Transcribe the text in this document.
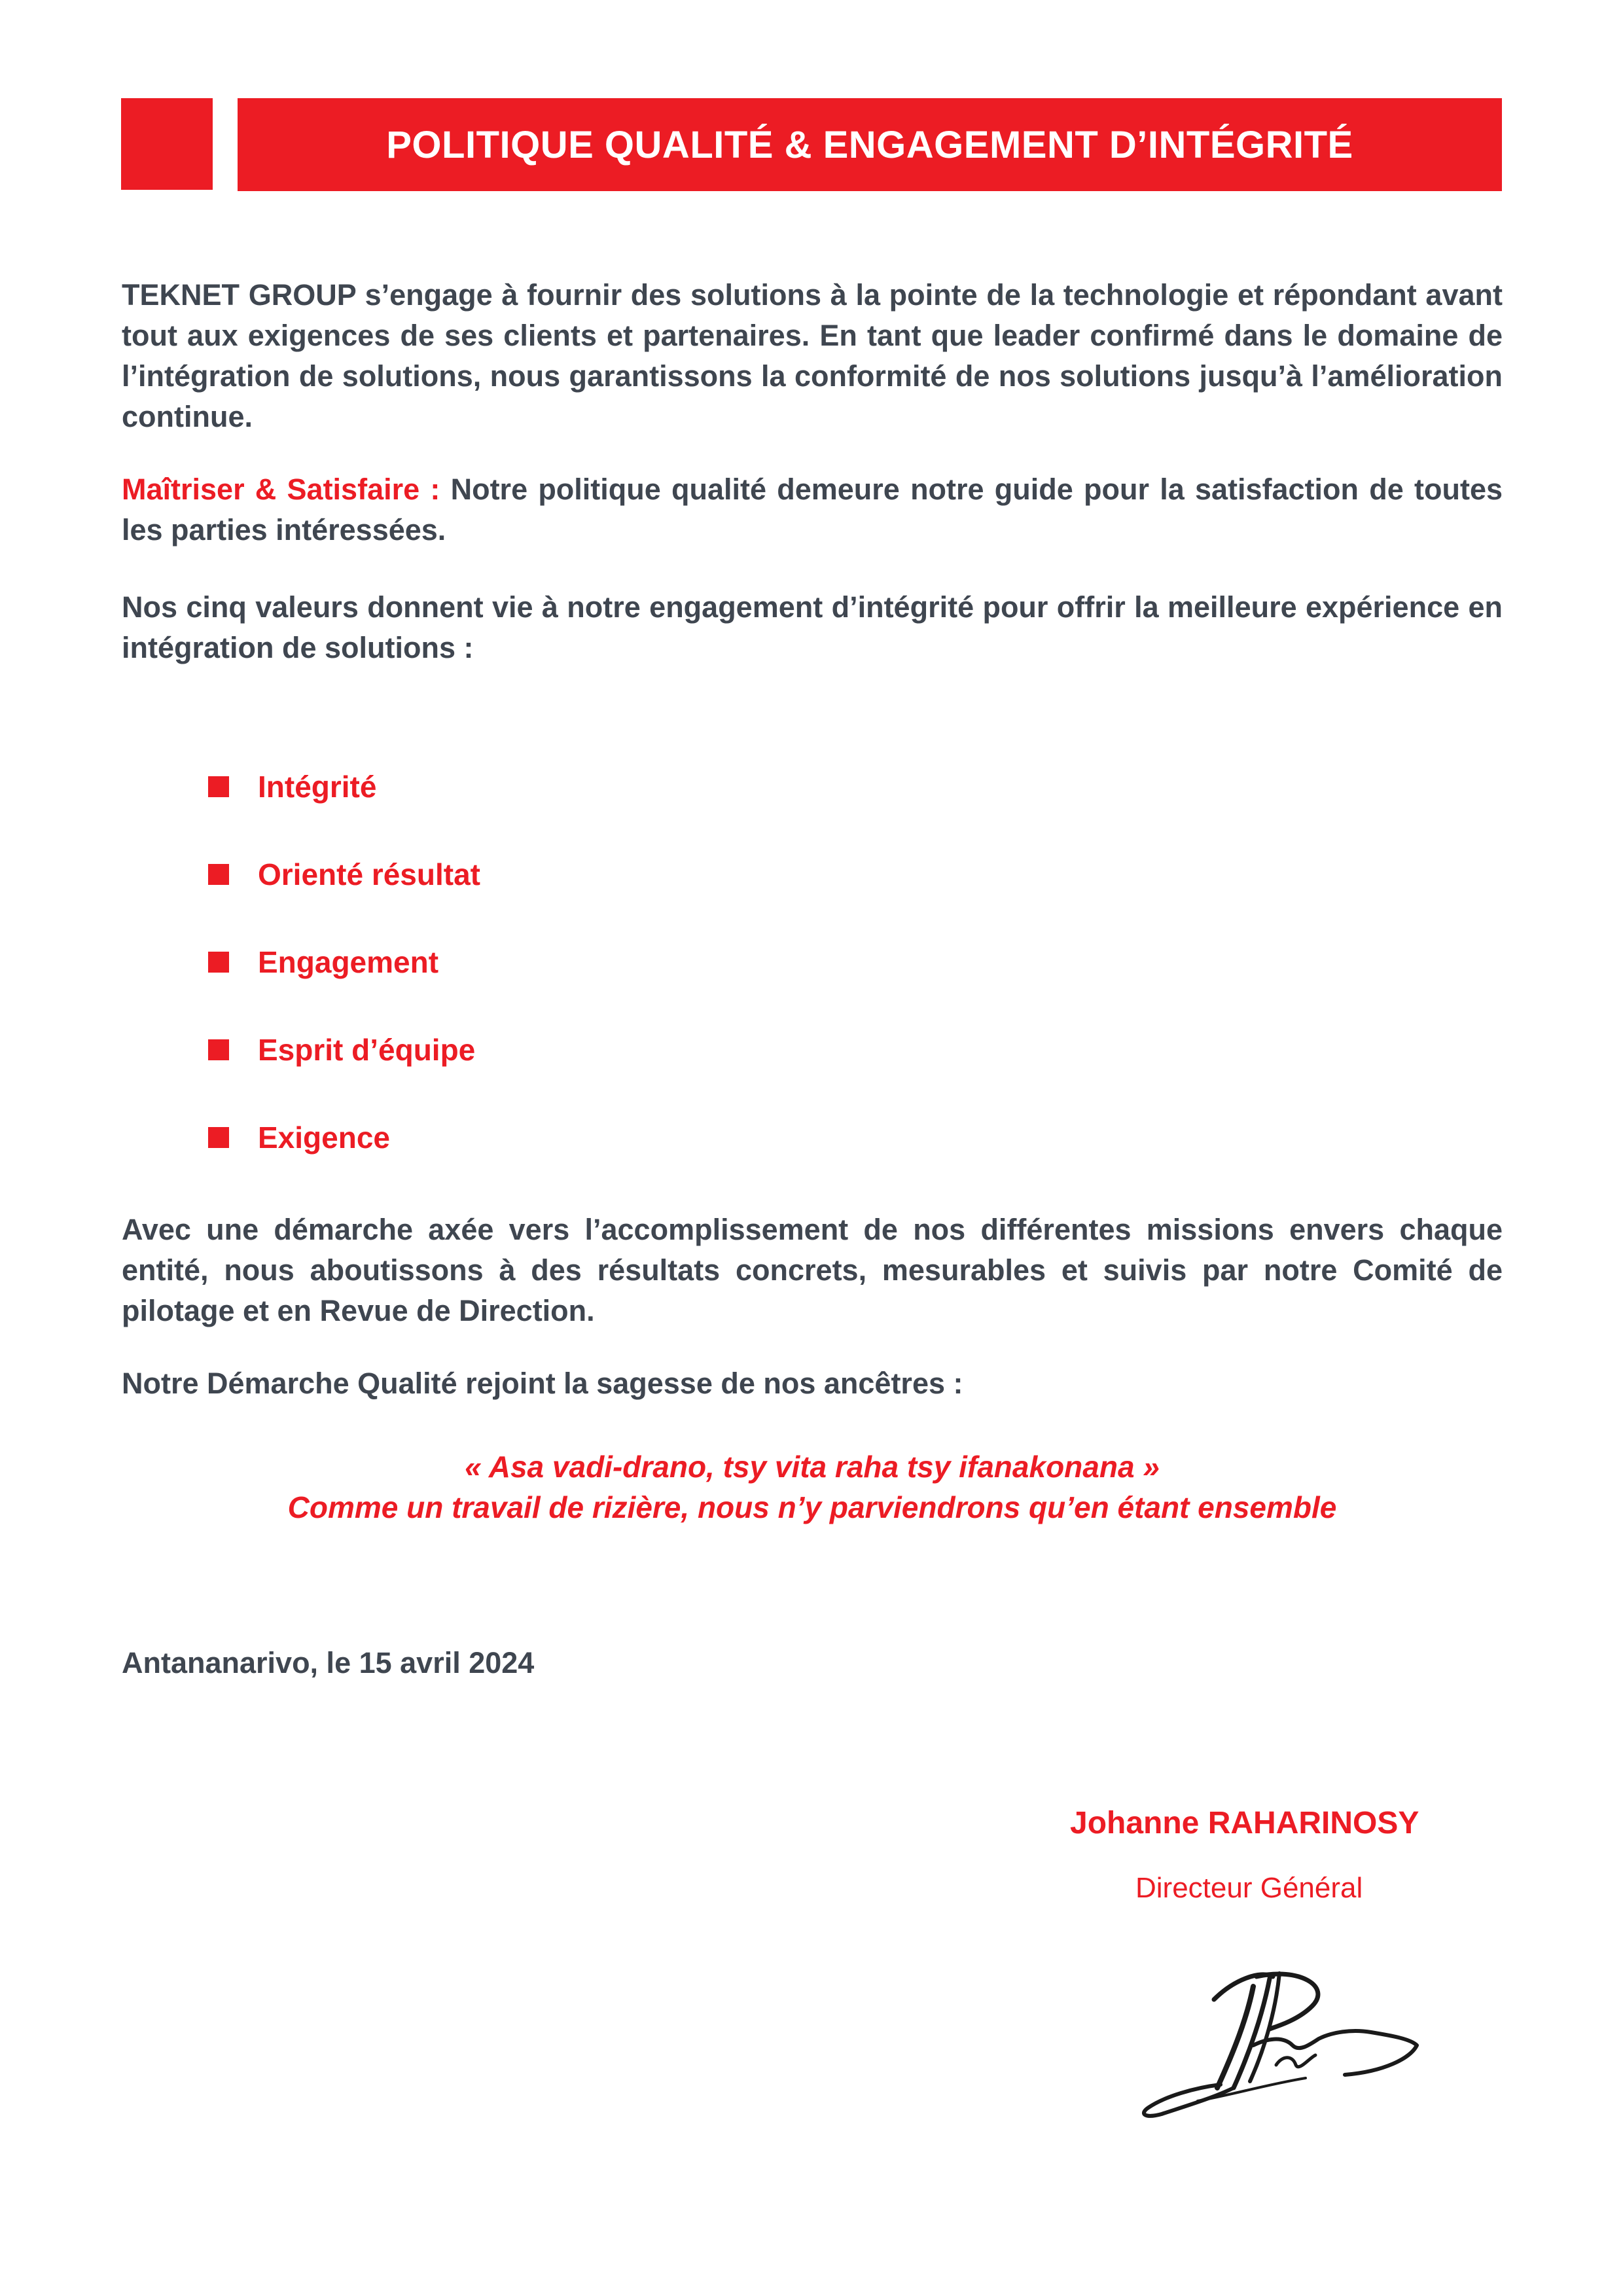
POLITIQUE QUALITÉ & ENGAGEMENT D’INTÉGRITÉ

TEKNET GROUP s’engage à fournir des solutions à la pointe de la technologie et répondant avant tout aux exigences de ses clients et partenaires. En tant que leader confirmé dans le domaine de l’intégration de solutions, nous garantissons la conformité de nos solutions jusqu’à l’amélioration continue.

Maîtriser & Satisfaire : Notre politique qualité demeure notre guide pour la satisfaction de toutes les parties intéressées.

Nos cinq valeurs donnent vie à notre engagement d’intégrité pour offrir la meilleure expérience en intégration de solutions :

Intégrité
Orienté résultat
Engagement
Esprit d’équipe
Exigence

Avec une démarche axée vers l’accomplissement de nos différentes missions envers chaque entité, nous aboutissons à des résultats concrets, mesurables et suivis par notre Comité de pilotage et en Revue de Direction.

Notre Démarche Qualité rejoint la sagesse de nos ancêtres :

« Asa vadi-drano, tsy vita raha tsy ifanakonana »
Comme un travail de rizière, nous n’y parviendrons qu’en étant ensemble
Antananarivo, le 15 avril 2024
Johanne RAHARINOSY
Directeur Général
